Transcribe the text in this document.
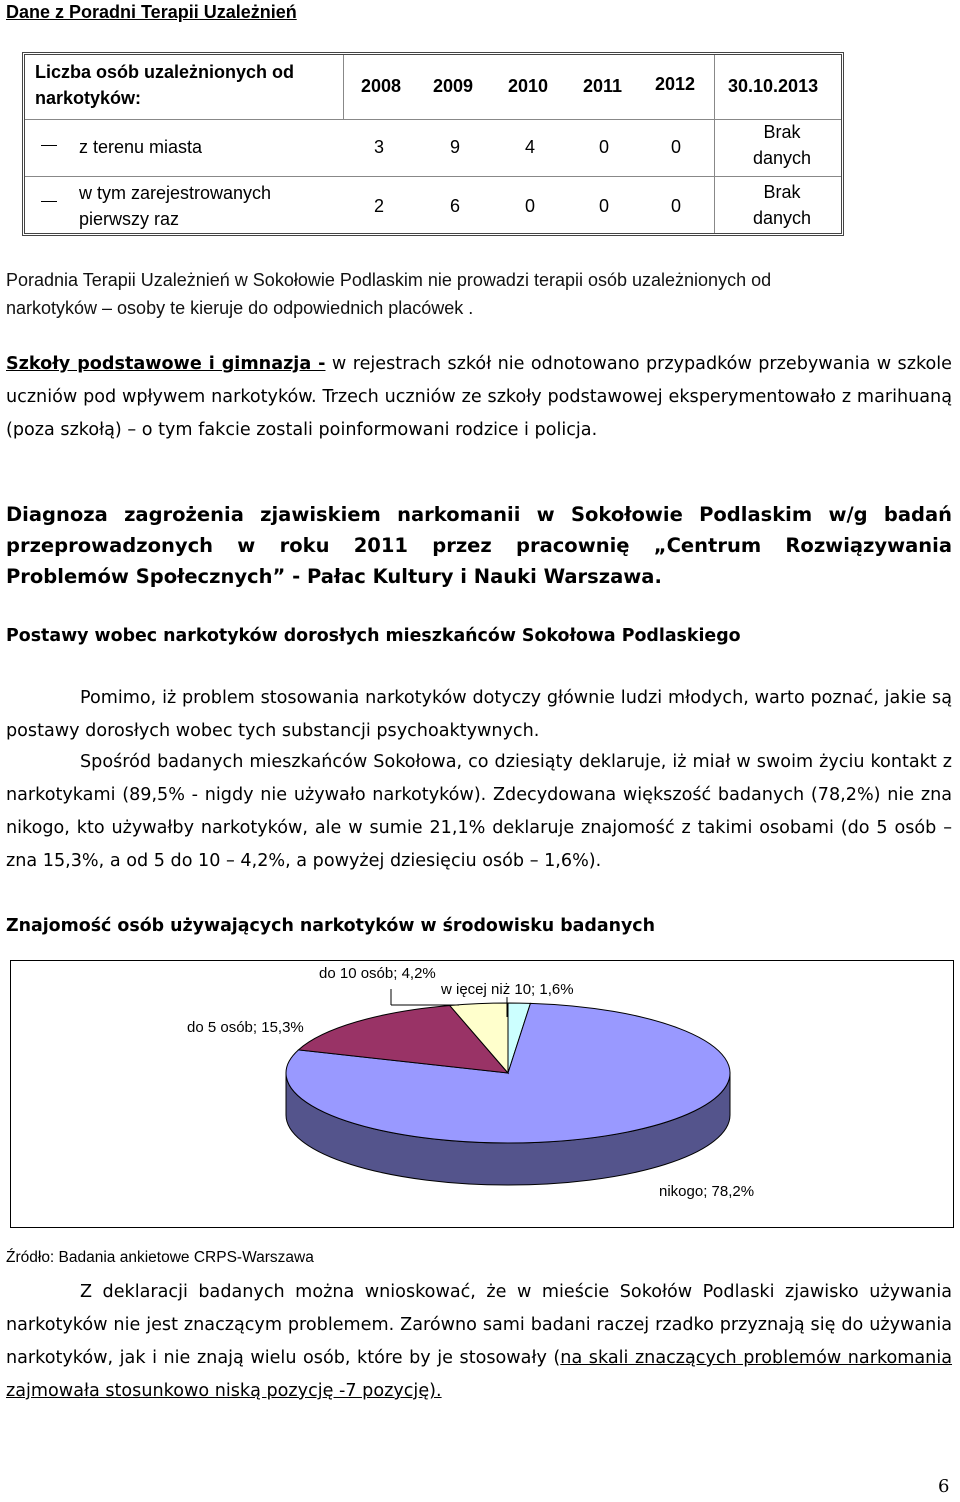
Dane z Poradni Terapii Uzależnień
Liczba osób uzależnionych od
narkotyków:
2008 2009 2010 2011 2012 30.10.2013
z terenu miasta	3	9	4	0	0
Brak
danych
w tym zarejestrowanych
pierwszy raz
2	6	0	0	0
Brak
danych
Poradnia Terapii Uzależnień w Sokołowie Podlaskim nie prowadzi terapii osób uzależnionych od
narkotyków – osoby te kieruje do odpowiednich placówek .
Szkoły podstawowe i gimnazja - w rejestrach szkół nie odnotowano przypadków przebywania w szkole uczniów pod wpływem narkotyków. Trzech uczniów ze szkoły podstawowej eksperymentowało z marihuaną (poza szkołą) – o tym fakcie zostali poinformowani rodzice i policja.
Diagnoza zagrożenia zjawiskiem narkomanii w Sokołowie Podlaskim w/g badań przeprowadzonych w roku 2011 przez pracownię „Centrum Rozwiązywania Problemów Społecznych” - Pałac Kultury i Nauki Warszawa.
Postawy wobec narkotyków dorosłych mieszkańców Sokołowa Podlaskiego
Pomimo, iż problem stosowania narkotyków dotyczy głównie ludzi młodych, warto poznać, jakie są postawy dorosłych wobec tych substancji psychoaktywnych.
Spośród badanych mieszkańców Sokołowa, co dziesiąty deklaruje, iż miał w swoim życiu kontakt z narkotykami (89,5% - nigdy nie używało narkotyków). Zdecydowana większość badanych (78,2%) nie zna nikogo, kto używałby narkotyków, ale w sumie 21,1% deklaruje znajomość z takimi osobami (do 5 osób – zna 15,3%, a od 5 do 10 – 4,2%, a powyżej dziesięciu osób – 1,6%).
Znajomość osób używających narkotyków w środowisku badanych
do 10 osób; 4,2%
w ięcej niż 10; 1,6%
do 5 osób; 15,3%
nikogo; 78,2%
Źródło: Badania ankietowe CRPS-Warszawa
Z deklaracji badanych można wnioskować, że w mieście Sokołów Podlaski zjawisko używania narkotyków nie jest znaczącym problemem. Zarówno sami badani raczej rzadko przyznają się do używania narkotyków, jak i nie znają wielu osób, które by je stosowały (na skali znaczących problemów narkomania zajmowała stosunkowo niską pozycję -7 pozycję).
6
